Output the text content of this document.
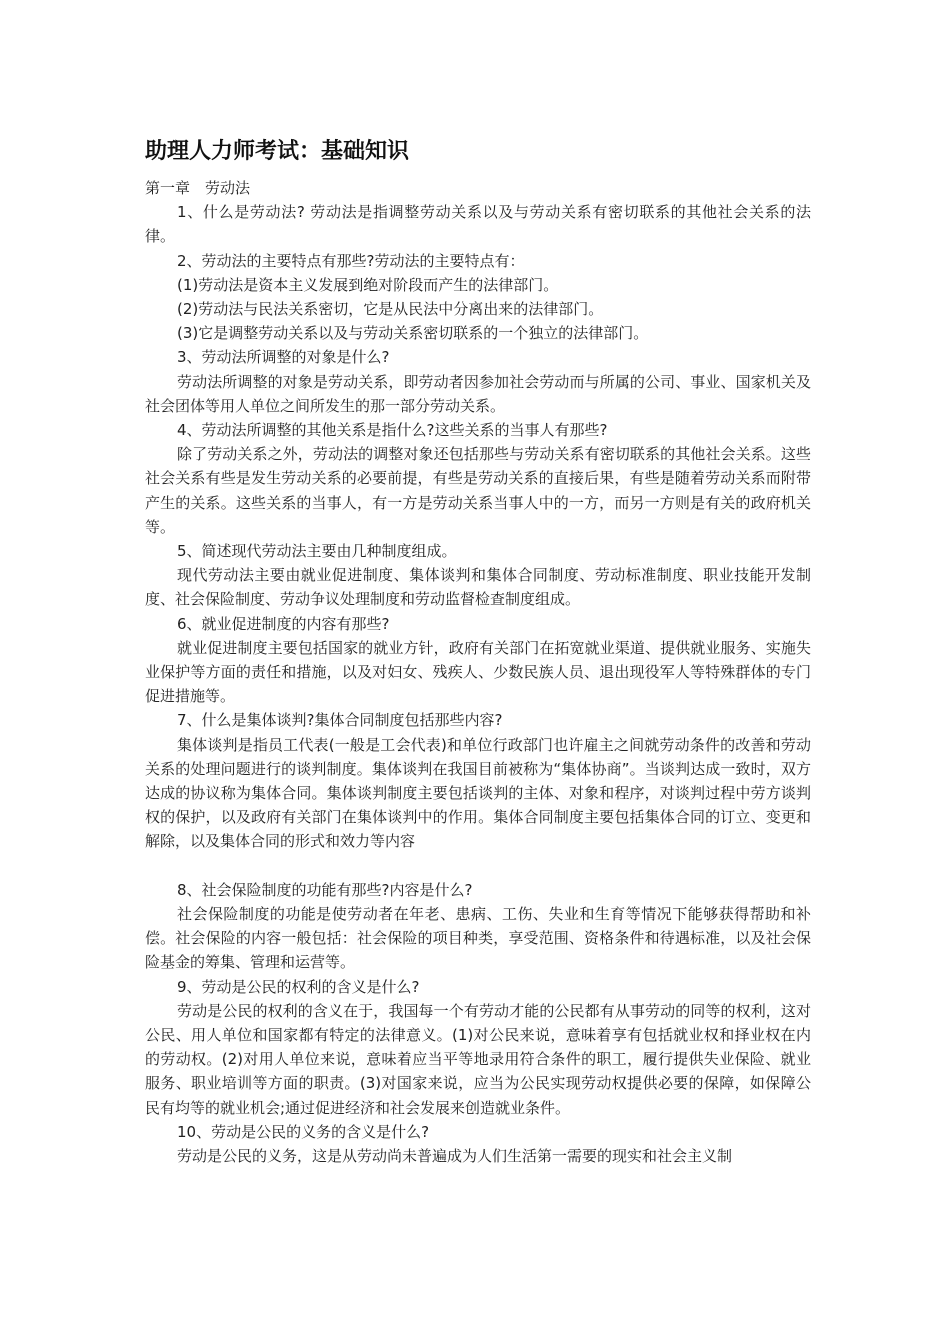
助理人力师考试：基础知识

第一章　劳动法

1、什么是劳动法? 劳动法是指调整劳动关系以及与劳动关系有密切联系的其他社会关系的法律。

2、劳动法的主要特点有那些?劳动法的主要特点有：

(1)劳动法是资本主义发展到绝对阶段而产生的法律部门。

(2)劳动法与民法关系密切，它是从民法中分离出来的法律部门。

(3)它是调整劳动关系以及与劳动关系密切联系的一个独立的法律部门。

3、劳动法所调整的对象是什么?

劳动法所调整的对象是劳动关系，即劳动者因参加社会劳动而与所属的公司、事业、国家机关及社会团体等用人单位之间所发生的那一部分劳动关系。

4、劳动法所调整的其他关系是指什么?这些关系的当事人有那些?

除了劳动关系之外，劳动法的调整对象还包括那些与劳动关系有密切联系的其他社会关系。这些社会关系有些是发生劳动关系的必要前提，有些是劳动关系的直接后果，有些是随着劳动关系而附带产生的关系。这些关系的当事人，有一方是劳动关系当事人中的一方，而另一方则是有关的政府机关等。

5、简述现代劳动法主要由几种制度组成。

现代劳动法主要由就业促进制度、集体谈判和集体合同制度、劳动标准制度、职业技能开发制度、社会保险制度、劳动争议处理制度和劳动监督检查制度组成。

6、就业促进制度的内容有那些?

就业促进制度主要包括国家的就业方针，政府有关部门在拓宽就业渠道、提供就业服务、实施失业保护等方面的责任和措施，以及对妇女、残疾人、少数民族人员、退出现役军人等特殊群体的专门促进措施等。

7、什么是集体谈判?集体合同制度包括那些内容?

集体谈判是指员工代表(一般是工会代表)和单位行政部门也许雇主之间就劳动条件的改善和劳动关系的处理问题进行的谈判制度。集体谈判在我国目前被称为“集体协商”。当谈判达成一致时，双方达成的协议称为集体合同。集体谈判制度主要包括谈判的主体、对象和程序，对谈判过程中劳方谈判权的保护，以及政府有关部门在集体谈判中的作用。集体合同制度主要包括集体合同的订立、变更和解除，以及集体合同的形式和效力等内容

8、社会保险制度的功能有那些?内容是什么?

社会保险制度的功能是使劳动者在年老、患病、工伤、失业和生育等情况下能够获得帮助和补偿。社会保险的内容一般包括：社会保险的项目种类，享受范围、资格条件和待遇标准，以及社会保险基金的筹集、管理和运营等。

9、劳动是公民的权利的含义是什么?

劳动是公民的权利的含义在于，我国每一个有劳动才能的公民都有从事劳动的同等的权利，这对公民、用人单位和国家都有特定的法律意义。(1)对公民来说，意味着享有包括就业权和择业权在内的劳动权。(2)对用人单位来说，意味着应当平等地录用符合条件的职工，履行提供失业保险、就业服务、职业培训等方面的职责。(3)对国家来说，应当为公民实现劳动权提供必要的保障，如保障公民有均等的就业机会;通过促进经济和社会发展来创造就业条件。

10、劳动是公民的义务的含义是什么?

劳动是公民的义务，这是从劳动尚未普遍成为人们生活第一需要的现实和社会主义制
